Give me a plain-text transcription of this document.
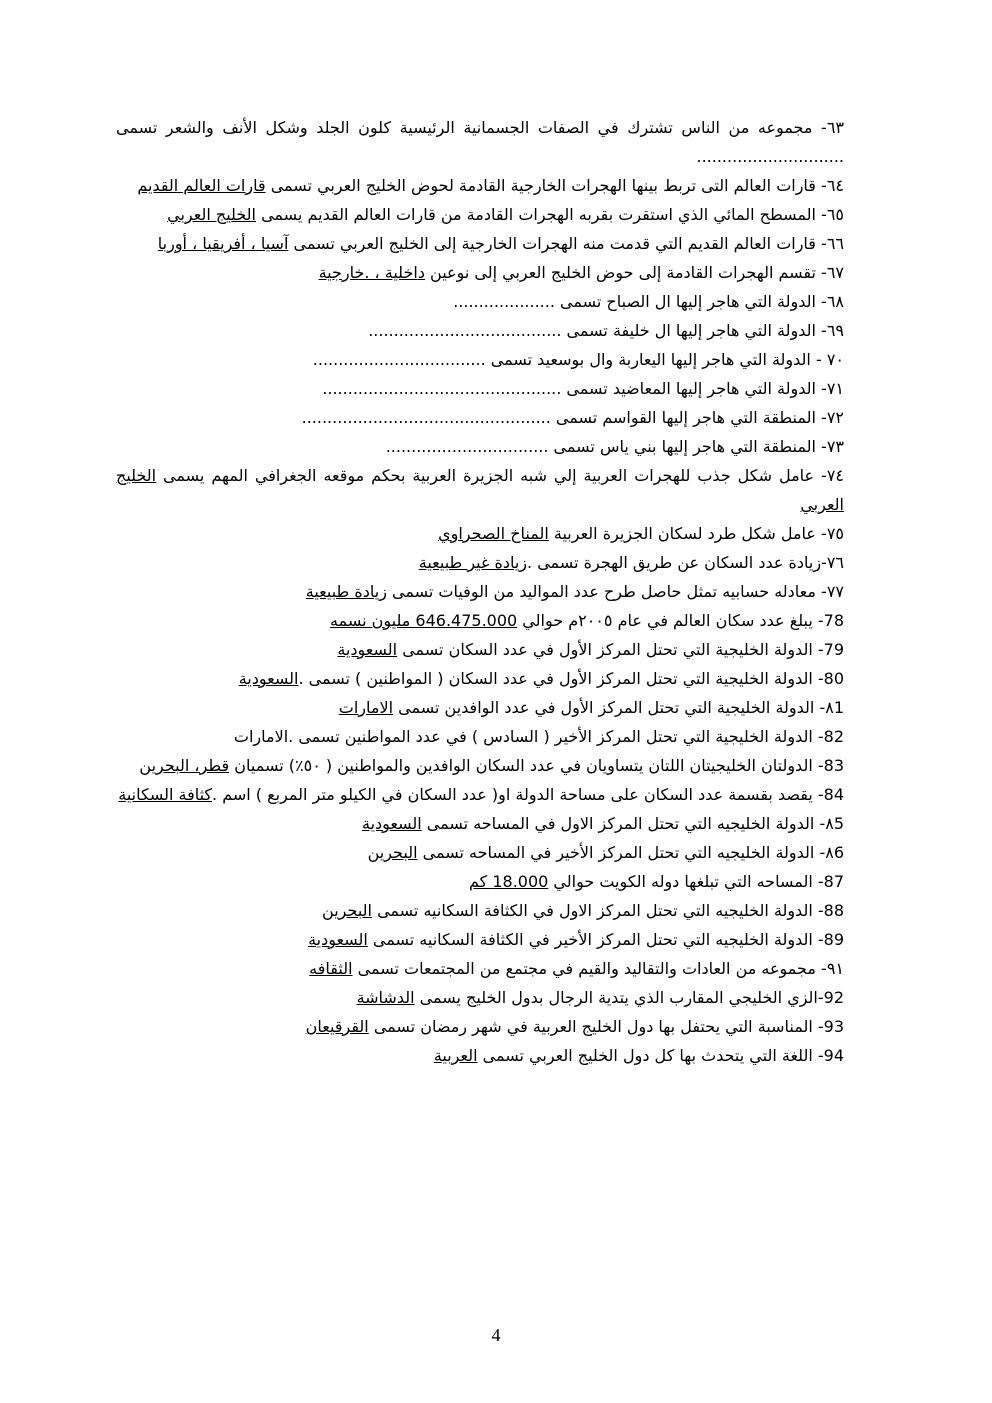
٦٣- مجموعه من الناس تشترك في الصفات الجسمانية الرئيسية كلون الجلد وشكل الأنف والشعر تسمى .............................
٦٤- قارات العالم التى تربط بينها الهجرات الخارجية القادمة لحوض الخليج العربي تسمى قارات العالم القديم
٦٥- المسطح المائي الذي استقرت بقربه الهجرات القادمة من قارات العالم القديم يسمى الخليج العربي
٦٦- قارات العالم القديم التي قدمت منه الهجرات الخارجية إلى الخليج العربي تسمى آسيا ، أفريقيا ، أوربا
٦٧- تقسم الهجرات القادمة إلى حوض الخليج العربي إلى نوعين داخلية ، .خارجية
٦٨- الدولة التي هاجر إليها ال الصباح تسمى ....................
٦٩- الدولة التي هاجر إليها ال خليفة تسمى ......................................
٧٠ - الدولة التي هاجر إليها اليعاربة وال بوسعيد تسمى ..................................
٧١- الدولة التي هاجر إليها المعاضيد تسمى ...............................................
٧٢- المنطقة التي هاجر إليها القواسم تسمى .................................................
٧٣- المنطقة التي هاجر إليها بني ياس تسمى ................................
٧٤- عامل شكل جذب للهجرات العربية إلي شبه الجزيرة العربية بحكم موقعه الجغرافي المهم يسمى الخليج العربي
٧٥- عامل شكل طرد لسكان الجزيرة العربية المناخ الصحراوي
٧٦-زيادة عدد السكان عن طريق الهجرة تسمى .زيادة غير طبيعية
٧٧- معادله حسابيه تمثل حاصل طرح عدد المواليد من الوفيات تسمى زيادة طبيعية
78- يبلغ عدد سكان العالم في عام ٢٠٠٥م حوالي 646.475.000 مليون نسمه
79- الدولة الخليجية التي تحتل المركز الأول في عدد السكان تسمى السعودية
80- الدولة الخليجية التي تحتل المركز الأول في عدد السكان ( المواطنين ) تسمى .السعودية
٨1- الدولة الخليجية التي تحتل المركز الأول في عدد الوافدين تسمى الامارات
82- الدولة الخليجية التي تحتل المركز الأخير ( السادس ) في عدد المواطنين تسمى .الامارات
83- الدولتان الخليجيتان اللتان يتساويان في عدد السكان الوافدين والمواطنين ( ٥٠٪) تسميان قطر، البحرين
84- يقصد بقسمة عدد السكان على مساحة الدولة او( عدد السكان في الكيلو متر المربع ) اسم .كثافة السكانية
٨5- الدولة الخليجيه التي تحتل المركز الاول في المساحه تسمى السعودية
٨6- الدولة الخليجيه التي تحتل المركز الأخير في المساحه تسمى البحرين
87- المساحه التي تبلغها دوله الكويت حوالي 18.000 كم
88- الدولة الخليجيه التي تحتل المركز الاول في الكثافة السكانيه تسمى البحرين
89- الدولة الخليجيه التي تحتل المركز الأخير في الكثافة السكانيه تسمى السعودية
٩١- مجموعه من العادات والتقاليد والقيم في مجتمع من المجتمعات تسمى الثقافه
92-الزي الخليجي المقارب الذي يتدية الرجال بدول الخليج يسمى الدشاشة
93- المناسبة التي يحتفل بها دول الخليج العربية في شهر رمضان تسمى القرقيعان
94- اللغة التي يتحدث بها كل دول الخليج العربي تسمى العربية
4
